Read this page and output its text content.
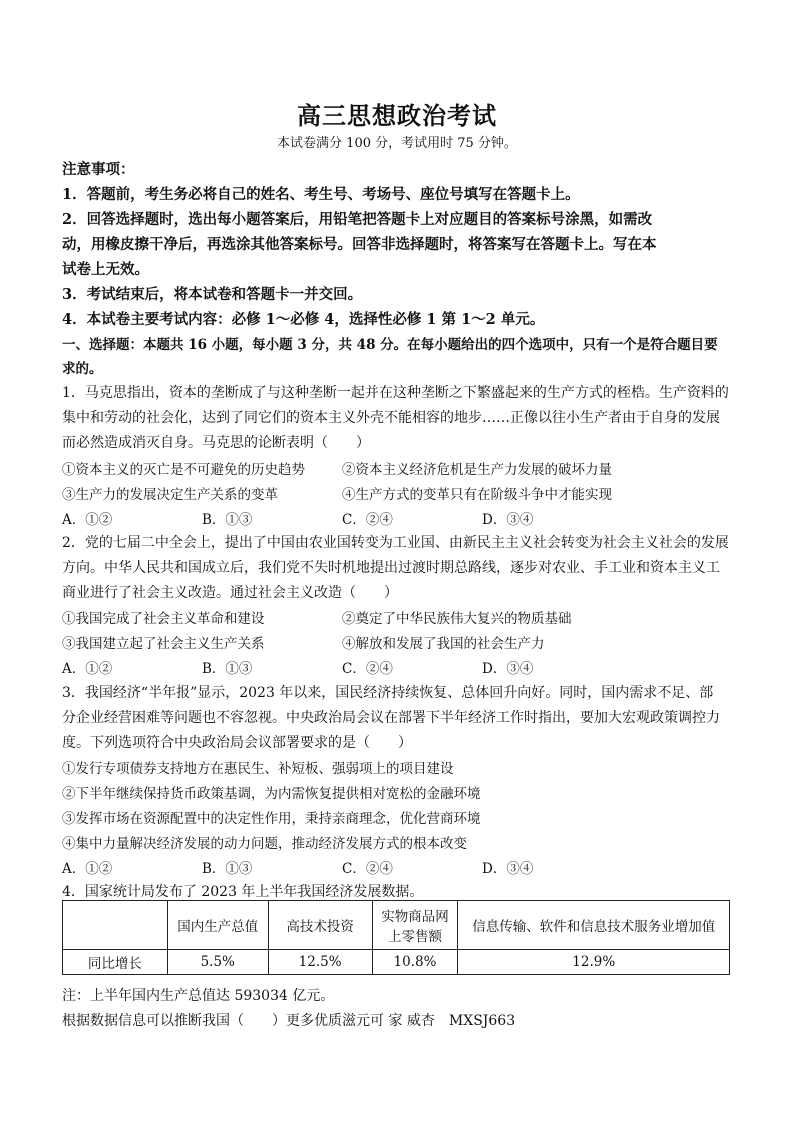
高三思想政治考试
本试卷满分 100 分，考试用时 75 分钟。
注意事项：
1．答题前，考生务必将自己的姓名、考生号、考场号、座位号填写在答题卡上。
2．回答选择题时，选出每小题答案后，用铅笔把答题卡上对应题目的答案标号涂黑，如需改
动，用橡皮擦干净后，再选涂其他答案标号。回答非选择题时，将答案写在答题卡上。写在本
试卷上无效。
3．考试结束后，将本试卷和答题卡一并交回。
4．本试卷主要考试内容：必修 1～必修 4，选择性必修 1 第 1～2 单元。
一、选择题：本题共 16 小题，每小题 3 分，共 48 分。在每小题给出的四个选项中，只有一个是符合题目要
求的。
1．马克思指出，资本的垄断成了与这种垄断一起并在这种垄断之下繁盛起来的生产方式的桎梏。生产资料的
集中和劳动的社会化，达到了同它们的资本主义外壳不能相容的地步……正像以往小生产者由于自身的发展
而必然造成消灭自身。马克思的论断表明（　　）
①资本主义的灭亡是不可避免的历史趋势	②资本主义经济危机是生产力发展的破坏力量
③生产力的发展决定生产关系的变革	④生产方式的变革只有在阶级斗争中才能实现
A．①②	B．①③	C．②④	D．③④
2．党的七届二中全会上，提出了中国由农业国转变为工业国、由新民主主义社会转变为社会主义社会的发展
方向。中华人民共和国成立后，我们党不失时机地提出过渡时期总路线，逐步对农业、手工业和资本主义工
商业进行了社会主义改造。通过社会主义改造（　　）
①我国完成了社会主义革命和建设	②奠定了中华民族伟大复兴的物质基础
③我国建立起了社会主义生产关系	④解放和发展了我国的社会生产力
A．①②	B．①③	C．②④	D．③④
3．我国经济“半年报”显示，2023 年以来，国民经济持续恢复、总体回升向好。同时，国内需求不足、部
分企业经营困难等问题也不容忽视。中央政治局会议在部署下半年经济工作时指出，要加大宏观政策调控力
度。下列选项符合中央政治局会议部署要求的是（　　）
①发行专项债券支持地方在惠民生、补短板、强弱项上的项目建设
②下半年继续保持货币政策基调，为内需恢复提供相对宽松的金融环境
③发挥市场在资源配置中的决定性作用，秉持亲商理念，优化营商环境
④集中力量解决经济发展的动力问题，推动经济发展方式的根本改变
A．①②	B．①③	C．②④	D．③④
4．国家统计局发布了 2023 年上半年我国经济发展数据。
	国内生产总值	高技术投资	实物商品网上零售额	信息传输、软件和信息技术服务业增加值
同比增长	5.5%	12.5%	10.8%	12.9%
注：上半年国内生产总值达 593034 亿元。
根据数据信息可以推断我国（　　）更多优质滋元可 家 威杏　MXSJ663
